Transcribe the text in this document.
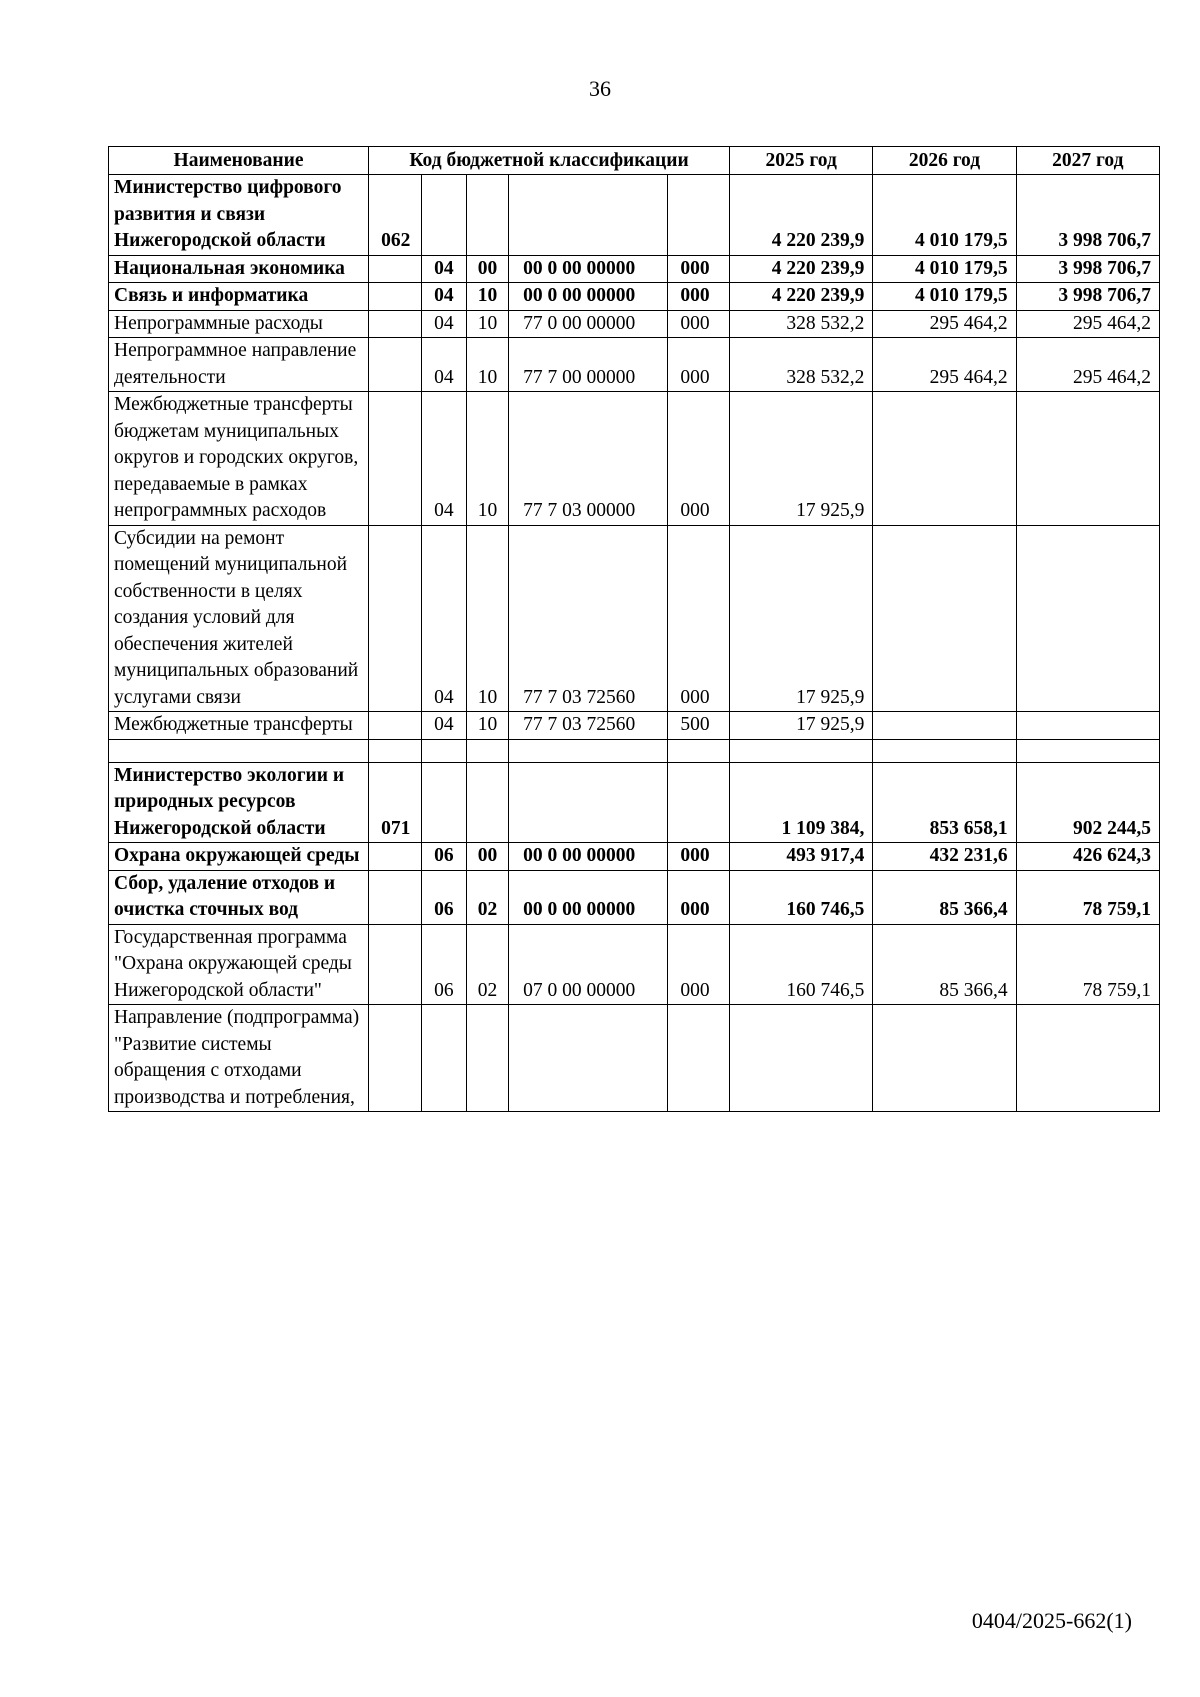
36
Наименование	Код бюджетной классификации					2025 год	2026 год	2027 год
Министерство цифрового развития и связи Нижегородской области	062					4 220 239,9	4 010 179,5	3 998 706,7
Национальная экономика		04	00	00 0 00 00000	000	4 220 239,9	4 010 179,5	3 998 706,7
Связь и информатика		04	10	00 0 00 00000	000	4 220 239,9	4 010 179,5	3 998 706,7
Непрограммные расходы		04	10	77 0 00 00000	000	328 532,2	295 464,2	295 464,2
Непрограммное направление деятельности		04	10	77 7 00 00000	000	328 532,2	295 464,2	295 464,2
Межбюджетные трансферты бюджетам муниципальных округов и городских округов, передаваемые в рамках непрограммных расходов		04	10	77 7 03 00000	000	17 925,9		
Субсидии на ремонт помещений муниципальной собственности в целях создания условий для обеспечения жителей муниципальных образований услугами связи		04	10	77 7 03 72560	000	17 925,9		
Межбюджетные трансферты		04	10	77 7 03 72560	500	17 925,9		

Министерство экологии и природных ресурсов Нижегородской области	071					1 109 384,	853 658,1	902 244,5
Охрана окружающей среды		06	00	00 0 00 00000	000	493 917,4	432 231,6	426 624,3
Сбор, удаление отходов и очистка сточных вод		06	02	00 0 00 00000	000	160 746,5	85 366,4	78 759,1
Государственная программа "Охрана окружающей среды Нижегородской области"		06	02	07 0 00 00000	000	160 746,5	85 366,4	78 759,1
Направление (подпрограмма) "Развитие системы обращения с отходами производства и потребления,								
0404/2025-662(1)
